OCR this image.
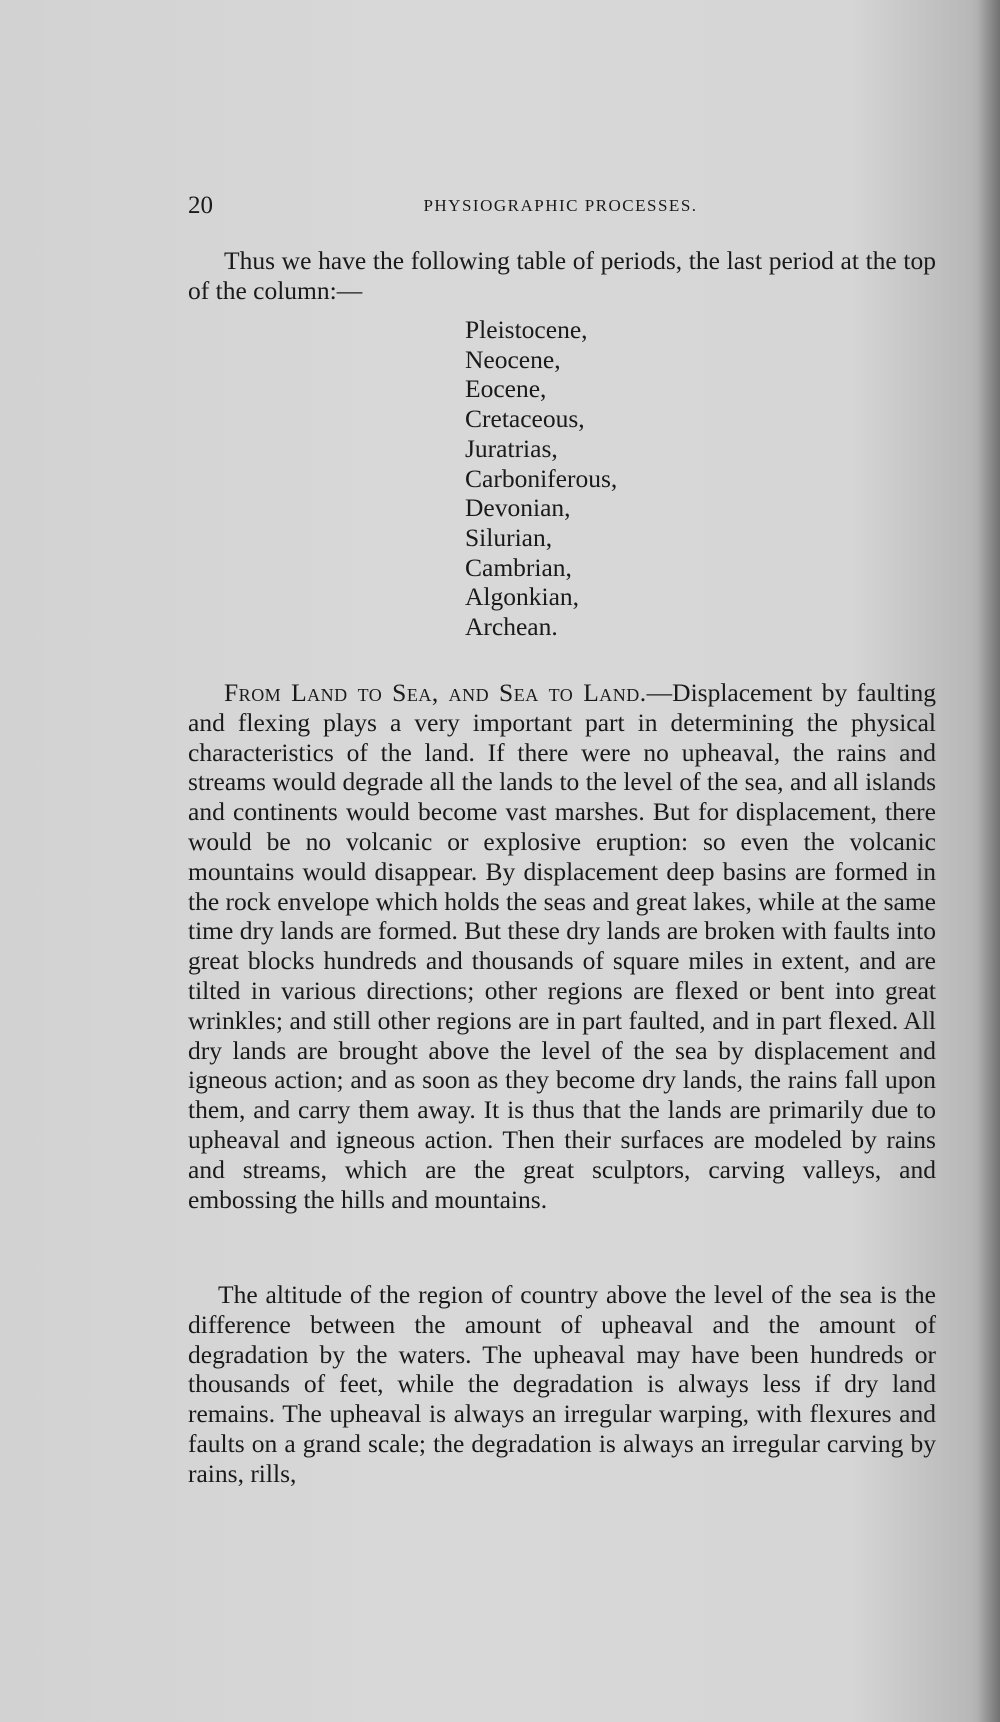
20	PHYSIOGRAPHIC PROCESSES.

Thus we have the following table of periods, the last period at the top of the column:—

Pleistocene,
Neocene,
Eocene,
Cretaceous,
Juratrias,
Carboniferous,
Devonian,
Silurian,
Cambrian,
Algonkian,
Archean.

From Land to Sea, and Sea to Land.—Displacement by faulting and flexing plays a very important part in determining the physical characteristics of the land. If there were no upheaval, the rains and streams would degrade all the lands to the level of the sea, and all islands and continents would become vast marshes. But for displacement, there would be no volcanic or explosive eruption: so even the volcanic mountains would disappear. By displacement deep basins are formed in the rock envelope which holds the seas and great lakes, while at the same time dry lands are formed. But these dry lands are broken with faults into great blocks hundreds and thousands of square miles in extent, and are tilted in various directions; other regions are flexed or bent into great wrinkles; and still other regions are in part faulted, and in part flexed. All dry lands are brought above the level of the sea by displacement and igneous action; and as soon as they become dry lands, the rains fall upon them, and carry them away. It is thus that the lands are primarily due to upheaval and igneous action. Then their surfaces are modeled by rains and streams, which are the great sculptors, carving valleys, and embossing the hills and mountains.

The altitude of the region of country above the level of the sea is the difference between the amount of upheaval and the amount of degradation by the waters. The upheaval may have been hundreds or thousands of feet, while the degradation is always less if dry land remains. The upheaval is always an irregular warping, with flexures and faults on a grand scale; the degradation is always an irregular carving by rains, rills,
